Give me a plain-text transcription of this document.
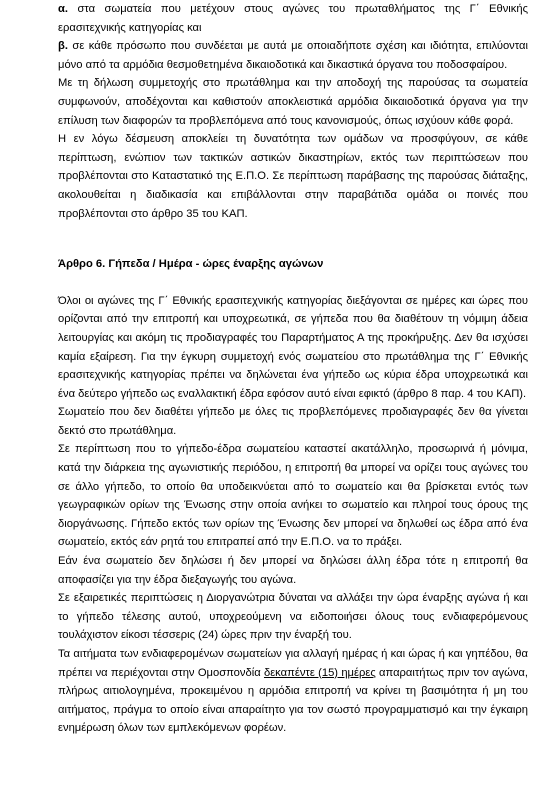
α. στα σωματεία που μετέχουν στους αγώνες του πρωταθλήματος της Γ΄ Εθνικής ερασιτεχνικής κατηγορίας και

β. σε κάθε πρόσωπο που συνδέεται με αυτά με οποιαδήποτε σχέση και ιδιότητα, επιλύονται μόνο από τα αρμόδια θεσμοθετημένα δικαιοδοτικά και δικαστικά όργανα του ποδοσφαίρου.

Με τη δήλωση συμμετοχής στο πρωτάθλημα και την αποδοχή της παρούσας τα σωματεία συμφωνούν, αποδέχονται και καθιστούν αποκλειστικά αρμόδια δικαιοδοτικά όργανα για την επίλυση των διαφορών τα προβλεπόμενα από τους κανονισμούς, όπως ισχύουν κάθε φορά.

Η εν λόγω δέσμευση αποκλείει τη δυνατότητα των ομάδων να προσφύγουν, σε κάθε περίπτωση, ενώπιον των τακτικών αστικών δικαστηρίων, εκτός των περιπτώσεων που προβλέπονται στο Καταστατικό της Ε.Π.Ο. Σε περίπτωση παράβασης της παρούσας διάταξης, ακολουθείται η διαδικασία και επιβάλλονται στην παραβάτιδα ομάδα οι ποινές που προβλέπονται στο άρθρο 35 του ΚΑΠ.

Άρθρο 6. Γήπεδα / Ημέρα - ώρες έναρξης αγώνων

Όλοι οι αγώνες της Γ΄ Εθνικής ερασιτεχνικής κατηγορίας διεξάγονται σε ημέρες και ώρες που ορίζονται από την επιτροπή και υποχρεωτικά, σε γήπεδα που θα διαθέτουν τη νόμιμη άδεια λειτουργίας και ακόμη τις προδιαγραφές του Παραρτήματος Α της προκήρυξης. Δεν θα ισχύσει καμία εξαίρεση. Για την έγκυρη συμμετοχή ενός σωματείου στο πρωτάθλημα της Γ΄ Εθνικής ερασιτεχνικής κατηγορίας πρέπει να δηλώνεται ένα γήπεδο ως κύρια έδρα υποχρεωτικά και ένα δεύτερο γήπεδο ως εναλλακτική έδρα εφόσον αυτό είναι εφικτό (άρθρο 8 παρ. 4 του ΚΑΠ).

Σωματείο που δεν διαθέτει γήπεδο με όλες τις προβλεπόμενες προδιαγραφές δεν θα γίνεται δεκτό στο πρωτάθλημα.

Σε περίπτωση που το γήπεδο-έδρα σωματείου καταστεί ακατάλληλο, προσωρινά ή μόνιμα, κατά την διάρκεια της αγωνιστικής περιόδου, η επιτροπή θα μπορεί να ορίζει τους αγώνες του σε άλλο γήπεδο, το οποίο θα υποδεικνύεται από το σωματείο και θα βρίσκεται εντός των γεωγραφικών ορίων της Ένωσης στην οποία ανήκει το σωματείο και πληροί τους όρους της διοργάνωσης. Γήπεδο εκτός των ορίων της Ένωσης δεν μπορεί να δηλωθεί ως έδρα από ένα σωματείο, εκτός εάν ρητά του επιτραπεί από την Ε.Π.Ο. να το πράξει.

Εάν ένα σωματείο δεν δηλώσει ή δεν μπορεί να δηλώσει άλλη έδρα τότε η επιτροπή θα αποφασίζει για την έδρα διεξαγωγής του αγώνα.

Σε εξαιρετικές περιπτώσεις η Διοργανώτρια δύναται να αλλάξει την ώρα έναρξης αγώνα ή και το γήπεδο τέλεσης αυτού, υποχρεούμενη να ειδοποιήσει όλους τους ενδιαφερόμενους τουλάχιστον είκοσι τέσσερις (24) ώρες πριν την έναρξή του.

Τα αιτήματα των ενδιαφερομένων σωματείων για αλλαγή ημέρας ή και ώρας ή και γηπέδου, θα πρέπει να περιέχονται στην Ομοσπονδία δεκαπέντε (15) ημέρες απαραιτήτως πριν τον αγώνα, πλήρως αιτιολογημένα, προκειμένου η αρμόδια επιτροπή να κρίνει τη βασιμότητα ή μη του αιτήματος, πράγμα το οποίο είναι απαραίτητο για τον σωστό προγραμματισμό και την έγκαιρη ενημέρωση όλων των εμπλεκόμενων φορέων.
